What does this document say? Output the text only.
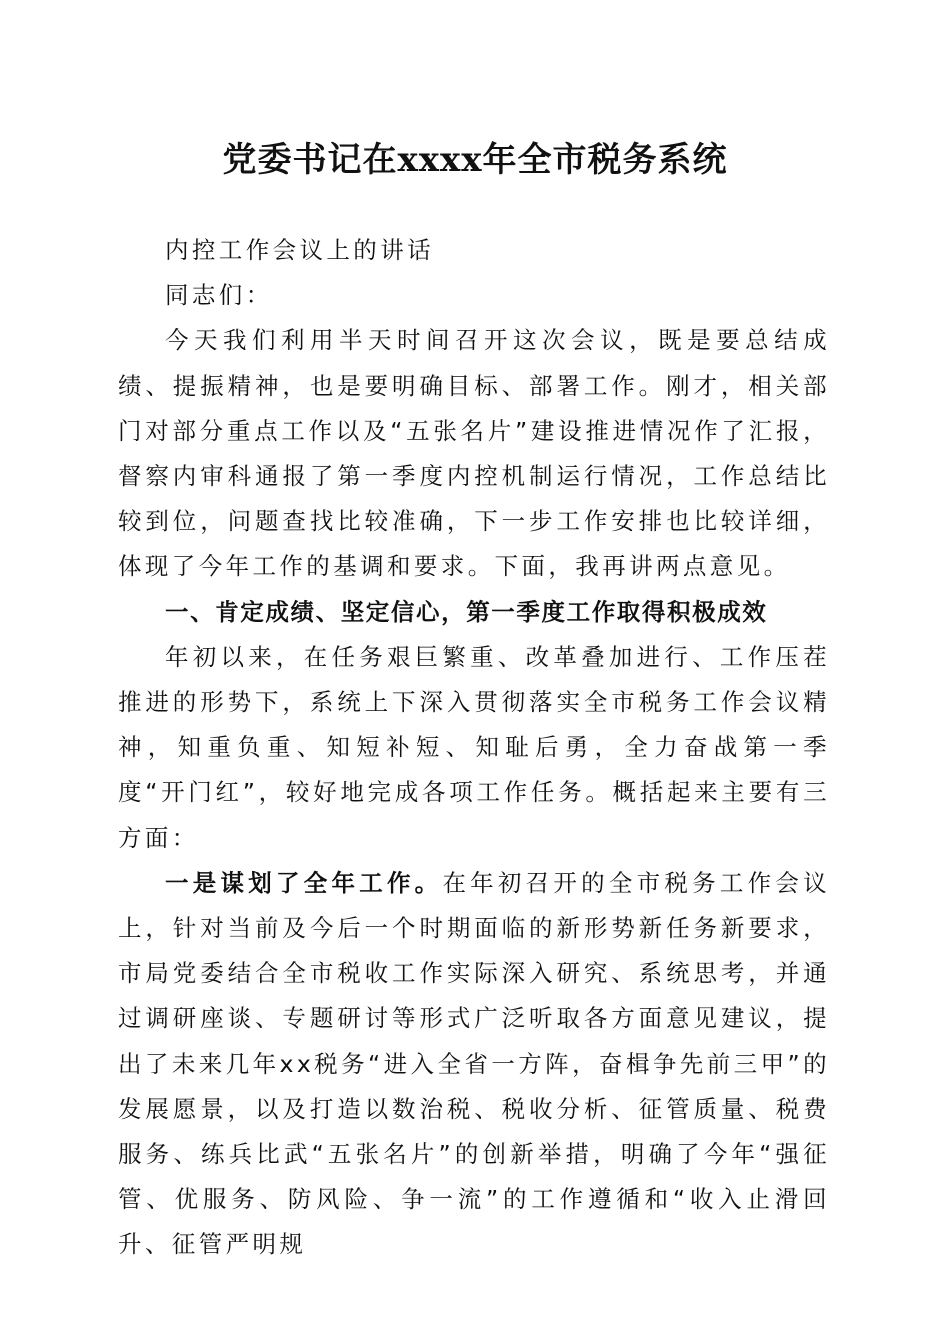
党委书记在xxxx年全市税务系统

内控工作会议上的讲话

同志们：

今天我们利用半天时间召开这次会议，既是要总结成绩、提振精神，也是要明确目标、部署工作。刚才，相关部门对部分重点工作以及“五张名片”建设推进情况作了汇报，督察内审科通报了第一季度内控机制运行情况，工作总结比较到位，问题查找比较准确，下一步工作安排也比较详细，体现了今年工作的基调和要求。下面，我再讲两点意见。

一、肯定成绩、坚定信心，第一季度工作取得积极成效

年初以来，在任务艰巨繁重、改革叠加进行、工作压茬推进的形势下，系统上下深入贯彻落实全市税务工作会议精神，知重负重、知短补短、知耻后勇，全力奋战第一季度“开门红”，较好地完成各项工作任务。概括起来主要有三方面：

一是谋划了全年工作。在年初召开的全市税务工作会议上，针对当前及今后一个时期面临的新形势新任务新要求，市局党委结合全市税收工作实际深入研究、系统思考，并通过调研座谈、专题研讨等形式广泛听取各方面意见建议，提出了未来几年xx税务“进入全省一方阵，奋楫争先前三甲”的发展愿景，以及打造以数治税、税收分析、征管质量、税费服务、练兵比武“五张名片”的创新举措，明确了今年“强征管、优服务、防风险、争一流”的工作遵循和“收入止滑回升、征管严明规
